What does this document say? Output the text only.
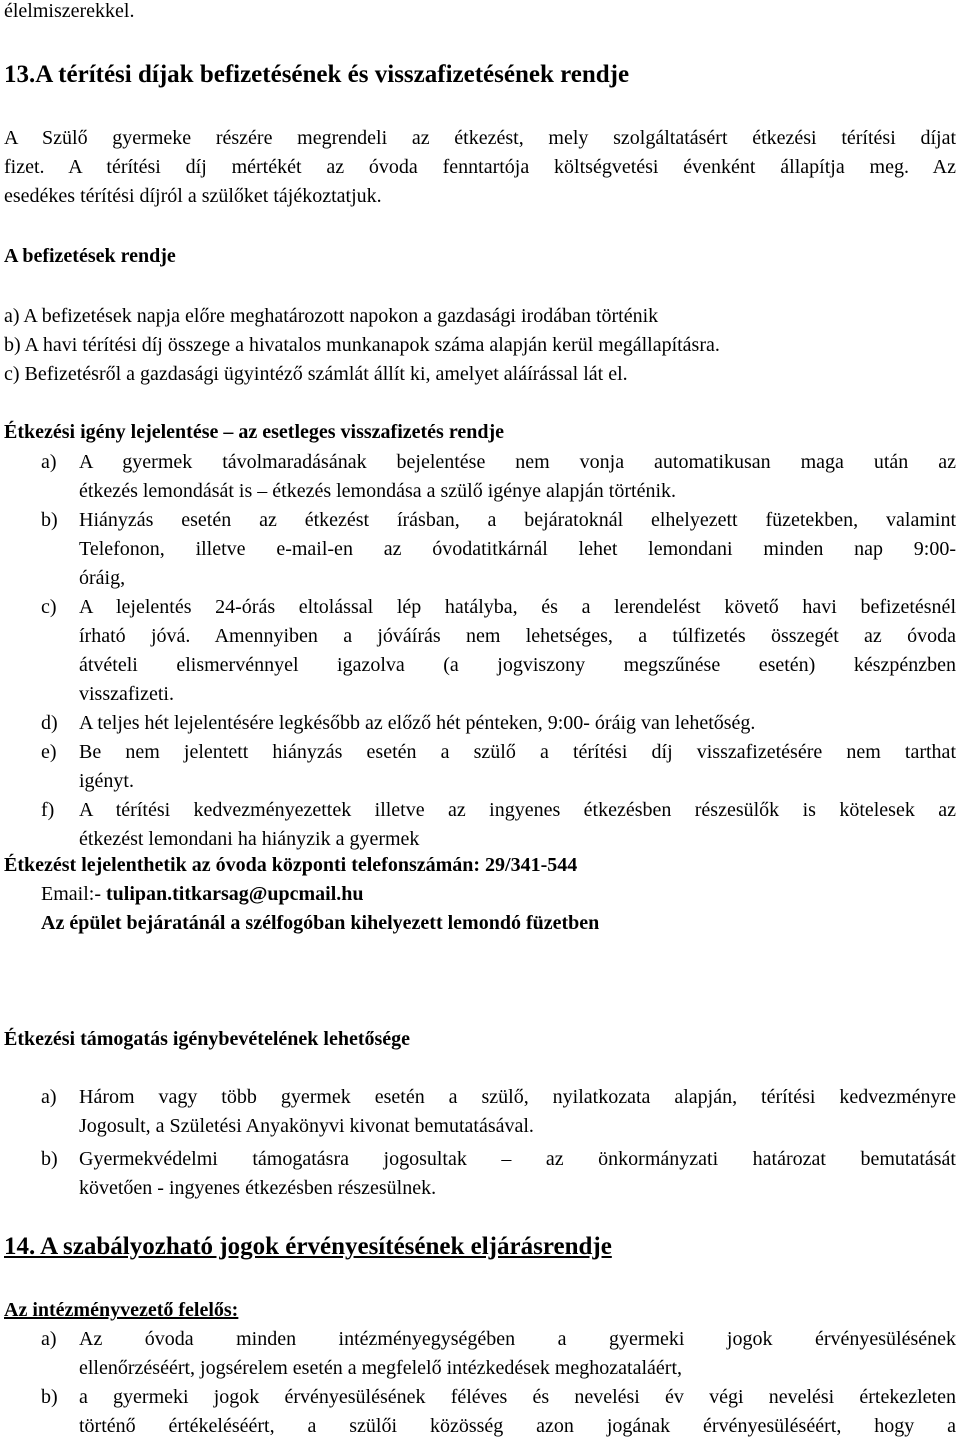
élelmiszerekkel.
13.A térítési díjak befizetésének és visszafizetésének rendje
A Szülő gyermeke részére megrendeli az étkezést, mely szolgáltatásért étkezési térítési díjat
fizet. A térítési díj mértékét az óvoda fenntartója költségvetési évenként állapítja meg. Az
esedékes térítési díjról a szülőket tájékoztatjuk.
A befizetések rendje
a) A befizetések napja előre meghatározott napokon a gazdasági irodában történik
b) A havi térítési díj összege a hivatalos munkanapok száma alapján kerül megállapításra.
c) Befizetésről a gazdasági ügyintéző számlát állít ki, amelyet aláírással lát el.
Étkezési igény lejelentése – az esetleges visszafizetés rendje
a)	A gyermek távolmaradásának bejelentése nem vonja automatikusan maga után az
étkezés lemondását is – étkezés lemondása a szülő igénye alapján történik.
b)	Hiányzás esetén az étkezést írásban, a bejáratoknál elhelyezett füzetekben, valamint
Telefonon, illetve e-mail-en az óvodatitkárnál lehet lemondani minden nap 9:00-
óráig,
c)	A lejelentés 24-órás eltolással lép hatályba, és a lerendelést követő havi befizetésnél
írható jóvá. Amennyiben a jóváírás nem lehetséges, a túlfizetés összegét az óvoda
átvételi elismervénnyel igazolva (a jogviszony megszűnése esetén) készpénzben
visszafizeti.
d)	A teljes hét lejelentésére legkésőbb az előző hét pénteken, 9:00- óráig van lehetőség.
e)	Be nem jelentett hiányzás esetén a szülő a térítési díj visszafizetésére nem tarthat
igényt.
f)	A térítési kedvezményezettek illetve az ingyenes étkezésben részesülők is kötelesek az
étkezést lemondani ha hiányzik a gyermek
Étkezést lejelenthetik az óvoda központi telefonszámán: 29/341-544
Email:- tulipan.titkarsag@upcmail.hu
Az épület bejáratánál a szélfogóban kihelyezett lemondó füzetben
Étkezési támogatás igénybevételének lehetősége
a)	Három vagy több gyermek esetén a szülő, nyilatkozata alapján, térítési kedvezményre
Jogosult, a Születési Anyakönyvi kivonat bemutatásával.
b)	Gyermekvédelmi támogatásra jogosultak – az önkormányzati határozat bemutatását
követően - ingyenes étkezésben részesülnek.
14. A szabályozható jogok érvényesítésének eljárásrendje
Az intézményvezető felelős:
a)	Az óvoda minden intézményegységében a gyermeki jogok érvényesülésének
ellenőrzéséért, jogsérelem esetén a megfelelő intézkedések meghozataláért,
b)	a gyermeki jogok érvényesülésének féléves és nevelési év végi nevelési értekezleten
történő értékeléséért, a szülői közösség azon jogának érvényesüléséért, hogy a
